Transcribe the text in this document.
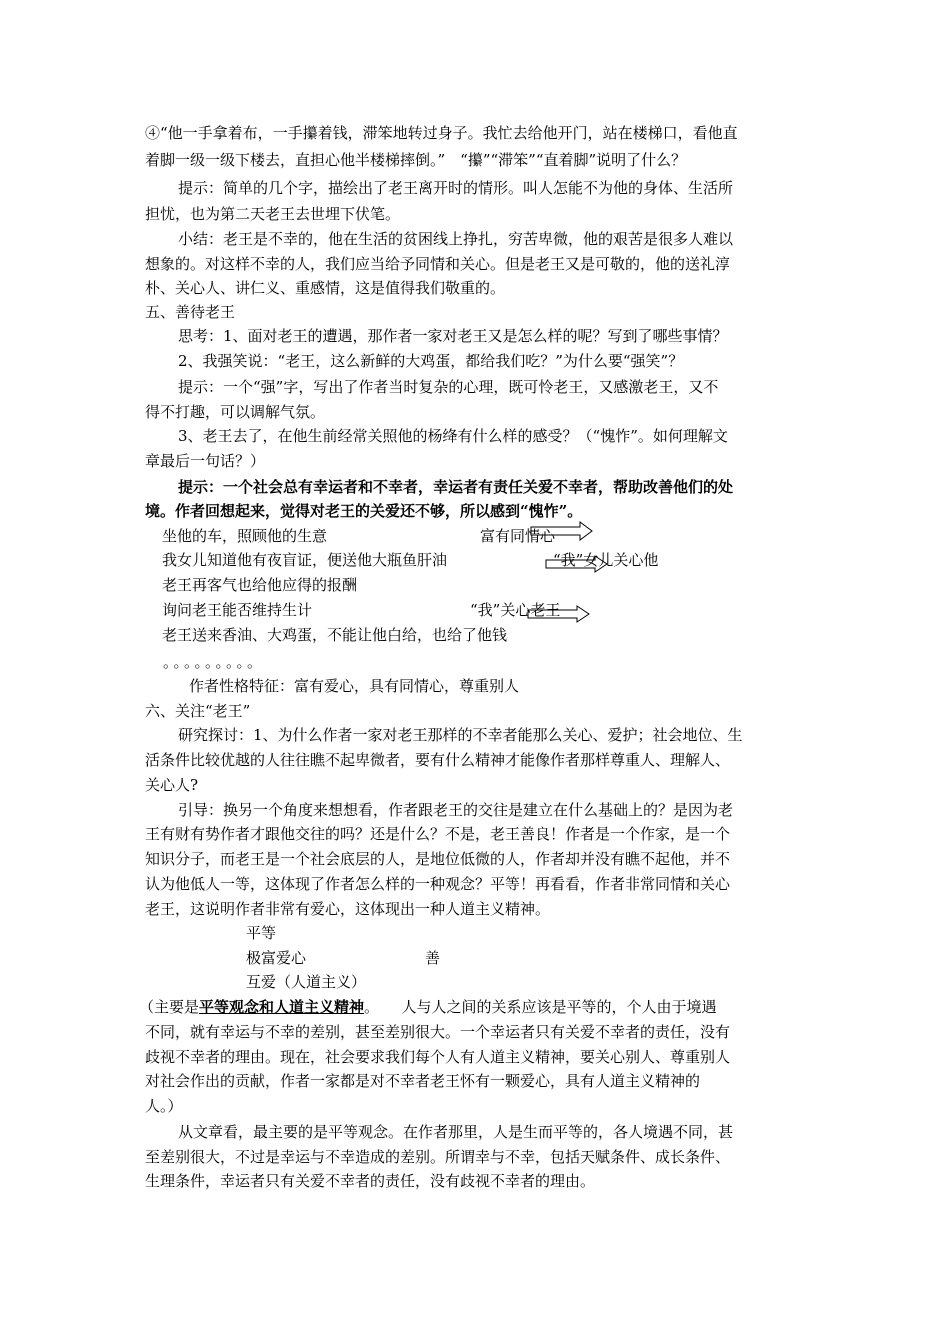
④“他一手拿着布，一手攥着钱，滞笨地转过身子。我忙去给他开门，站在楼梯口，看他直
着脚一级一级下楼去，直担心他半楼梯摔倒。”　“攥”“滞笨”“直着脚”说明了什么？
提示：简单的几个字，描绘出了老王离开时的情形。叫人怎能不为他的身体、生活所
担忧，也为第二天老王去世埋下伏笔。
小结：老王是不幸的，他在生活的贫困线上挣扎，穷苦卑微，他的艰苦是很多人难以
想象的。对这样不幸的人，我们应当给予同情和关心。但是老王又是可敬的，他的送礼淳
朴、关心人、讲仁义、重感情，这是值得我们敬重的。
五、善待老王
思考：1、面对老王的遭遇，那作者一家对老王又是怎么样的呢？写到了哪些事情？
2、我强笑说：“老王，这么新鲜的大鸡蛋，都给我们吃？”为什么要“强笑”？
提示：一个“强”字，写出了作者当时复杂的心理，既可怜老王，又感激老王，又不
得不打趣，可以调解气氛。
3、老王去了，在他生前经常关照他的杨绛有什么样的感受？（“愧怍”。如何理解文
章最后一句话？）
提示：一个社会总有幸运者和不幸者，幸运者有责任关爱不幸者，帮助改善他们的处
境。作者回想起来，觉得对老王的关爱还不够，所以感到“愧怍”。
坐他的车，照顾他的生意	富有同情心
我女儿知道他有夜盲证，便送他大瓶鱼肝油	“我”女儿关心他
老王再客气也给他应得的报酬
询问老王能否维持生计	“我”关心老王
老王送来香油、大鸡蛋，不能让他白给，也给了他钱
。。。。。。。。。
作者性格特征：富有爱心，具有同情心，尊重别人
六、关注“老王”
研究探讨：1、为什么作者一家对老王那样的不幸者能那么关心、爱护；社会地位、生
活条件比较优越的人往往瞧不起卑微者，要有什么精神才能像作者那样尊重人、理解人、
关心人?
引导：换另一个角度来想想看，作者跟老王的交往是建立在什么基础上的？是因为老
王有财有势作者才跟他交往的吗？还是什么？不是，老王善良！作者是一个作家，是一个
知识分子，而老王是一个社会底层的人，是地位低微的人，作者却并没有瞧不起他，并不
认为他低人一等，这体现了作者怎么样的一种观念？平等！再看看，作者非常同情和关心
老王，这说明作者非常有爱心，这体现出一种人道主义精神。
平等
极富爱心	善
互爱（人道主义）
（主要是平等观念和人道主义精神。　　人与人之间的关系应该是平等的，个人由于境遇
不同，就有幸运与不幸的差别，甚至差别很大。一个幸运者只有关爱不幸者的责任，没有
歧视不幸者的理由。现在，社会要求我们每个人有人道主义精神，要关心别人、尊重别人
对社会作出的贡献，作者一家都是对不幸者老王怀有一颗爱心，具有人道主义精神的
人。）
从文章看，最主要的是平等观念。在作者那里，人是生而平等的，各人境遇不同，甚
至差别很大，不过是幸运与不幸造成的差别。所谓幸与不幸，包括天赋条件、成长条件、
生理条件，幸运者只有关爱不幸者的责任，没有歧视不幸者的理由。
